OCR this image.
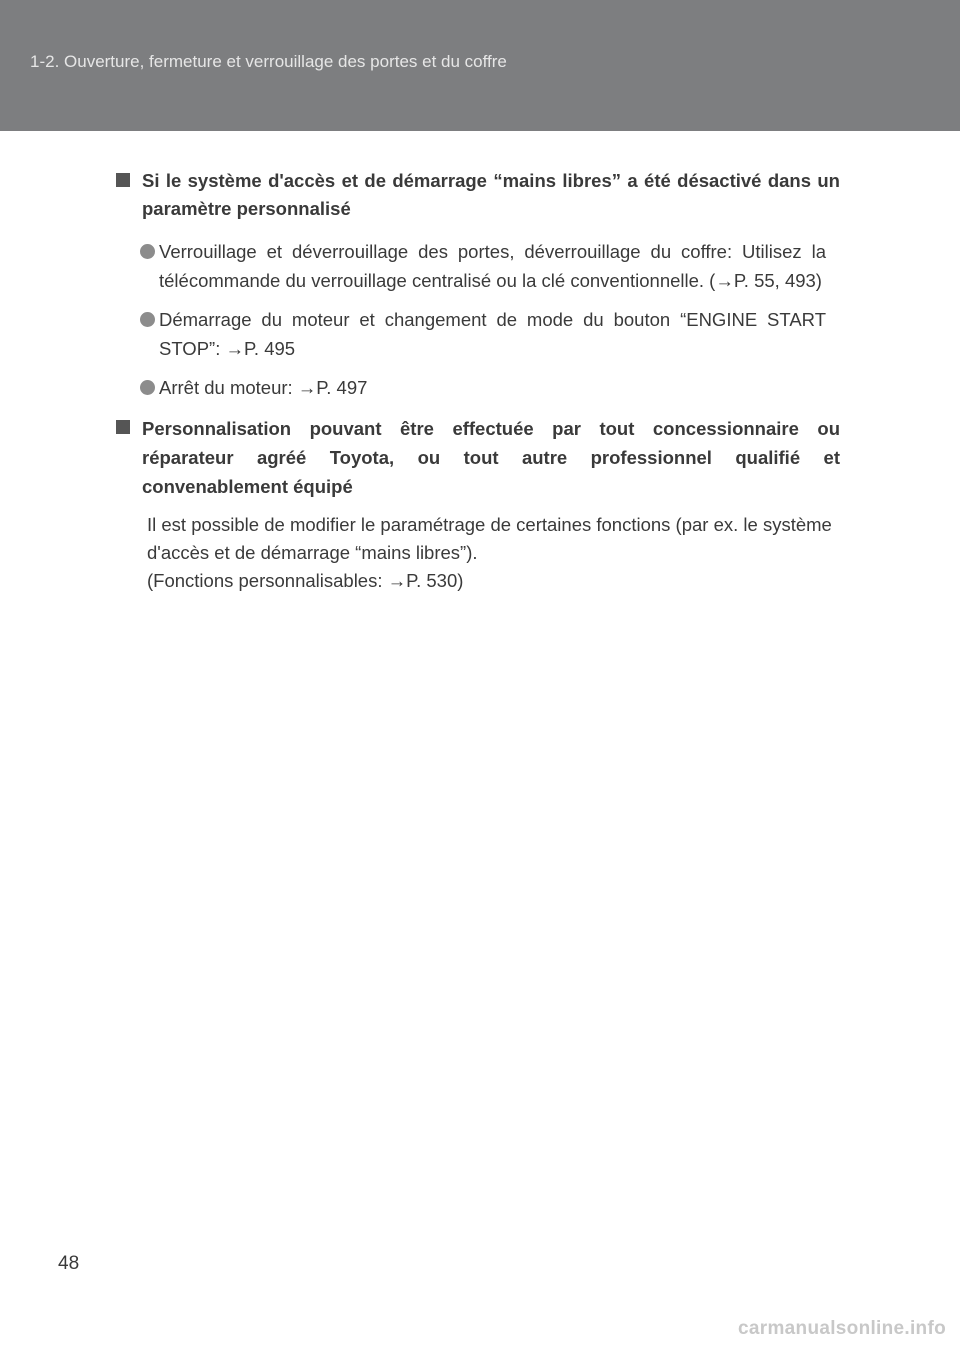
1-2. Ouverture, fermeture et verrouillage des portes et du coffre
Si le système d'accès et de démarrage “mains libres” a été désactivé dans un paramètre personnalisé
Verrouillage et déverrouillage des portes, déverrouillage du coffre: Utilisez la télécommande du verrouillage centralisé ou la clé conventionnelle. (→P. 55, 493)
Démarrage du moteur et changement de mode du bouton “ENGINE START STOP”: →P. 495
Arrêt du moteur: →P. 497
Personnalisation pouvant être effectuée par tout concessionnaire ou réparateur agréé Toyota, ou tout autre professionnel qualifié et convenablement équipé
Il est possible de modifier le paramétrage de certaines fonctions (par ex. le système d'accès et de démarrage “mains libres”).
(Fonctions personnalisables: →P. 530)
48
carmanualsonline.info
